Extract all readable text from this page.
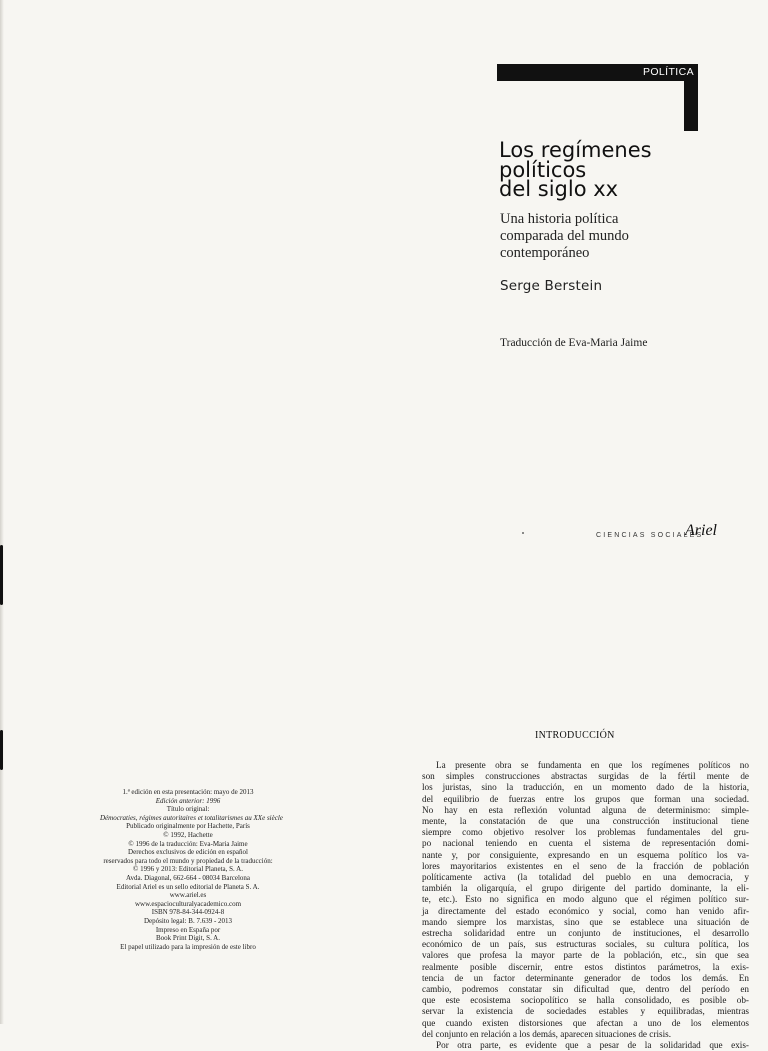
POLÍTICA
Los regímenes
políticos
del siglo xx
Una historia política
comparada del mundo
contemporáneo
Serge Berstein
Traducción de Eva-Maria Jaime
CIENCIAS SOCIALES
Ariel
1.ª edición en esta presentación: mayo de 2013
Edición anterior: 1996
Título original:
Démocraties, régimes autoritaires et totalitarismes au XXe siècle
Publicado originalmente por Hachette, París
© 1992, Hachette
© 1996 de la traducción: Eva-Maria Jaime
Derechos exclusivos de edición en español
reservados para todo el mundo y propiedad de la traducción:
© 1996 y 2013: Editorial Planeta, S. A.
Avda. Diagonal, 662-664 - 08034 Barcelona
Editorial Ariel es un sello editorial de Planeta S. A.
www.ariel.es
www.espacioculturalyacademico.com
ISBN 978-84-344-0924-8
Depósito legal: B. 7.639 - 2013
Impreso en España por
Book Print Digit, S. A.
El papel utilizado para la impresión de este libro
INTRODUCCIÓN
La presente obra se fundamenta en que los regímenes políticos no
son simples construcciones abstractas surgidas de la fértil mente de
los juristas, sino la traducción, en un momento dado de la historia,
del equilibrio de fuerzas entre los grupos que forman una sociedad.
No hay en esta reflexión voluntad alguna de determinismo: simple-
mente, la constatación de que una construcción institucional tiene
siempre como objetivo resolver los problemas fundamentales del gru-
po nacional teniendo en cuenta el sistema de representación domi-
nante y, por consiguiente, expresando en un esquema político los va-
lores mayoritarios existentes en el seno de la fracción de población
políticamente activa (la totalidad del pueblo en una democracia, y
también la oligarquía, el grupo dirigente del partido dominante, la eli-
te, etc.). Esto no significa en modo alguno que el régimen político sur-
ja directamente del estado económico y social, como han venido afir-
mando siempre los marxistas, sino que se establece una situación de
estrecha solidaridad entre un conjunto de instituciones, el desarrollo
económico de un país, sus estructuras sociales, su cultura política, los
valores que profesa la mayor parte de la población, etc., sin que sea
realmente posible discernir, entre estos distintos parámetros, la exis-
tencia de un factor determinante generador de todos los demás. En
cambio, podremos constatar sin dificultad que, dentro del período en
que este ecosistema sociopolítico se halla consolidado, es posible ob-
servar la existencia de sociedades estables y equilibradas, mientras
que cuando existen distorsiones que afectan a uno de los elementos
del conjunto en relación a los demás, aparecen situaciones de crisis.
Por otra parte, es evidente que a pesar de la solidaridad que exis-
